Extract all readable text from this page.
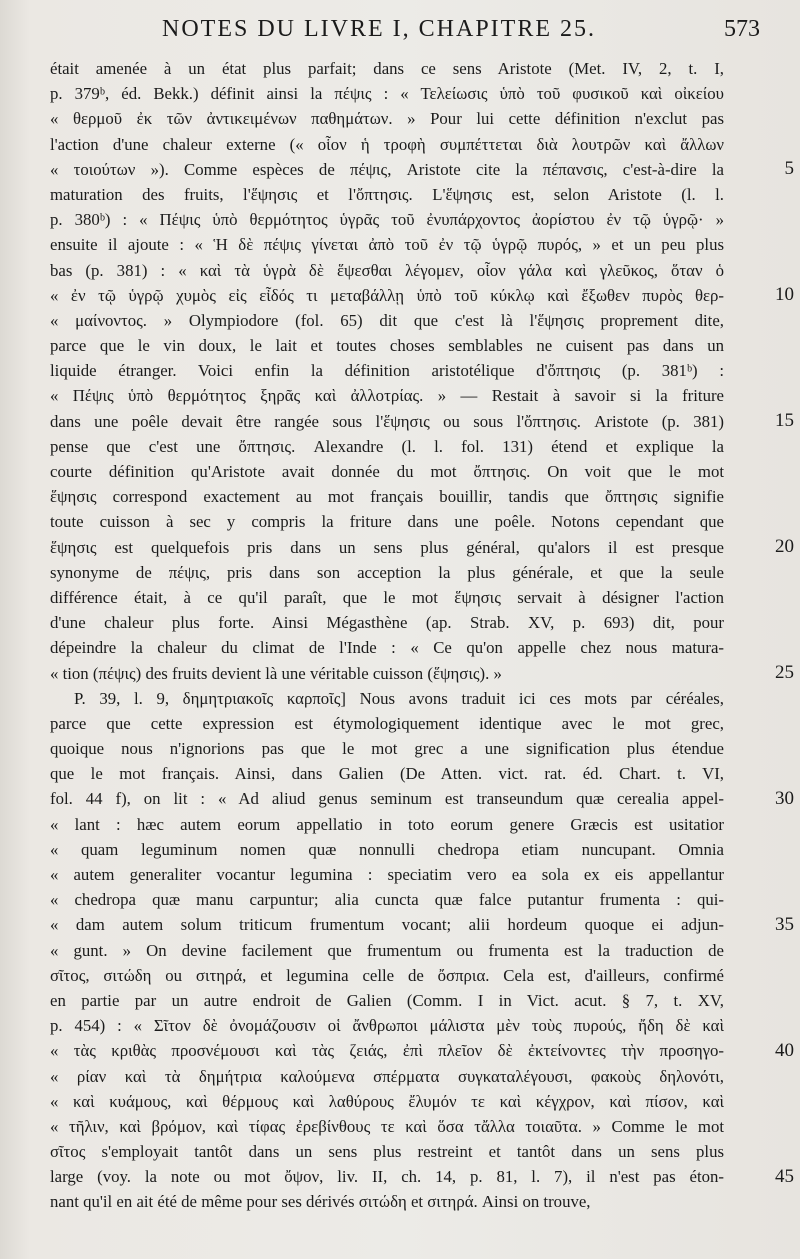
NOTES DU LIVRE I, CHAPITRE 25.	573
était amenée à un état plus parfait; dans ce sens Aristote (Met. IV, 2, t. I,
p. 379ᵇ, éd. Bekk.) définit ainsi la πέψις : « Τελείωσις ὑπὸ τοῦ φυσικοῦ καὶ οἰκείου
« θερμοῦ ἐκ τῶν ἀντικειμένων παθημάτων. » Pour lui cette définition n'exclut pas
l'action d'une chaleur externe (« οἷον ἡ τροφὴ συμπέττεται διὰ λουτρῶν καὶ ἄλλων
« τοιούτων »). Comme espèces de πέψις, Aristote cite la πέπανσις, c'est-à-dire la
maturation des fruits, l'ἕψησις et l'ὄπτησις. L'ἕψησις est, selon Aristote (l. l.
p. 380ᵇ) : « Πέψις ὑπὸ θερμότητος ὑγρᾶς τοῦ ἐνυπάρχοντος ἀορίστου ἐν τῷ ὑγρῷ· »
ensuite il ajoute : « Ἡ δὲ πέψις γίνεται ἀπὸ τοῦ ἐν τῷ ὑγρῷ πυρός, » et un peu plus
bas (p. 381) : « καὶ τὰ ὑγρὰ δὲ ἕψεσθαι λέγομεν, οἷον γάλα καὶ γλεῦκος, ὅταν ὁ
« ἐν τῷ ὑγρῷ χυμὸς εἰς εἶδός τι μεταβάλλῃ ὑπὸ τοῦ κύκλῳ καὶ ἔξωθεν πυρὸς θερ-
« μαίνοντος. » Olympiodore (fol. 65) dit que c'est là l'ἕψησις proprement dite,
parce que le vin doux, le lait et toutes choses semblables ne cuisent pas dans un
liquide étranger. Voici enfin la définition aristotélique d'ὄπτησις (p. 381ᵇ) :
« Πέψις ὑπὸ θερμότητος ξηρᾶς καὶ ἀλλοτρίας. » — Restait à savoir si la friture
dans une poêle devait être rangée sous l'ἕψησις ou sous l'ὄπτησις. Aristote (p. 381)
pense que c'est une ὄπτησις. Alexandre (l. l. fol. 131) étend et explique la
courte définition qu'Aristote avait donnée du mot ὄπτησις. On voit que le mot
ἕψησις correspond exactement au mot français bouillir, tandis que ὄπτησις signifie
toute cuisson à sec y compris la friture dans une poêle. Notons cependant que
ἕψησις est quelquefois pris dans un sens plus général, qu'alors il est presque
synonyme de πέψις, pris dans son acception la plus générale, et que la seule
différence était, à ce qu'il paraît, que le mot ἕψησις servait à désigner l'action
d'une chaleur plus forte. Ainsi Mégasthène (ap. Strab. XV, p. 693) dit, pour
dépeindre la chaleur du climat de l'Inde : « Ce qu'on appelle chez nous matura-
« tion (πέψις) des fruits devient là une véritable cuisson (ἕψησις). »
P. 39, l. 9, δημητριακοῖς καρποῖς] Nous avons traduit ici ces mots par céréales,
parce que cette expression est étymologiquement identique avec le mot grec,
quoique nous n'ignorions pas que le mot grec a une signification plus étendue
que le mot français. Ainsi, dans Galien (De Atten. vict. rat. éd. Chart. t. VI,
fol. 44 f), on lit : « Ad aliud genus seminum est transeundum quæ cerealia appel-
« lant : hæc autem eorum appellatio in toto eorum genere Græcis est usitatior
« quam leguminum nomen quæ nonnulli chedropa etiam nuncupant. Omnia
« autem generaliter vocantur legumina : speciatim vero ea sola ex eis appellantur
« chedropa quæ manu carpuntur; alia cuncta quæ falce putantur frumenta : qui-
« dam autem solum triticum frumentum vocant; alii hordeum quoque ei adjun-
« gunt. » On devine facilement que frumentum ou frumenta est la traduction de
σῖτος, σιτώδη ou σιτηρά, et legumina celle de ὄσπρια. Cela est, d'ailleurs, confirmé
en partie par un autre endroit de Galien (Comm. I in Vict. acut. § 7, t. XV,
p. 454) : « Σῖτον δὲ ὀνομάζουσιν οἱ ἄνθρωποι μάλιστα μὲν τοὺς πυρούς, ἤδη δὲ καὶ
« τὰς κριθὰς προσνέμουσι καὶ τὰς ζειάς, ἐπὶ πλεῖον δὲ ἐκτείνοντες τὴν προσηγο-
« ρίαν καὶ τὰ δημήτρια καλούμενα σπέρματα συγκαταλέγουσι, φακοὺς δηλονότι,
« καὶ κυάμους, καὶ θέρμους καὶ λαθύρους ἔλυμόν τε καὶ κέγχρον, καὶ πίσον, καὶ
« τῆλιν, καὶ βρόμον, καὶ τίφας ἐρεβίνθους τε καὶ ὅσα τἄλλα τοιαῦτα. » Comme le mot
σῖτος s'employait tantôt dans un sens plus restreint et tantôt dans un sens plus
large (voy. la note ou mot ὄψον, liv. II, ch. 14, p. 81, l. 7), il n'est pas éton-
nant qu'il en ait été de même pour ses dérivés σιτώδη et σιτηρά. Ainsi on trouve,
5
10
15
20
25
30
35
40
45
